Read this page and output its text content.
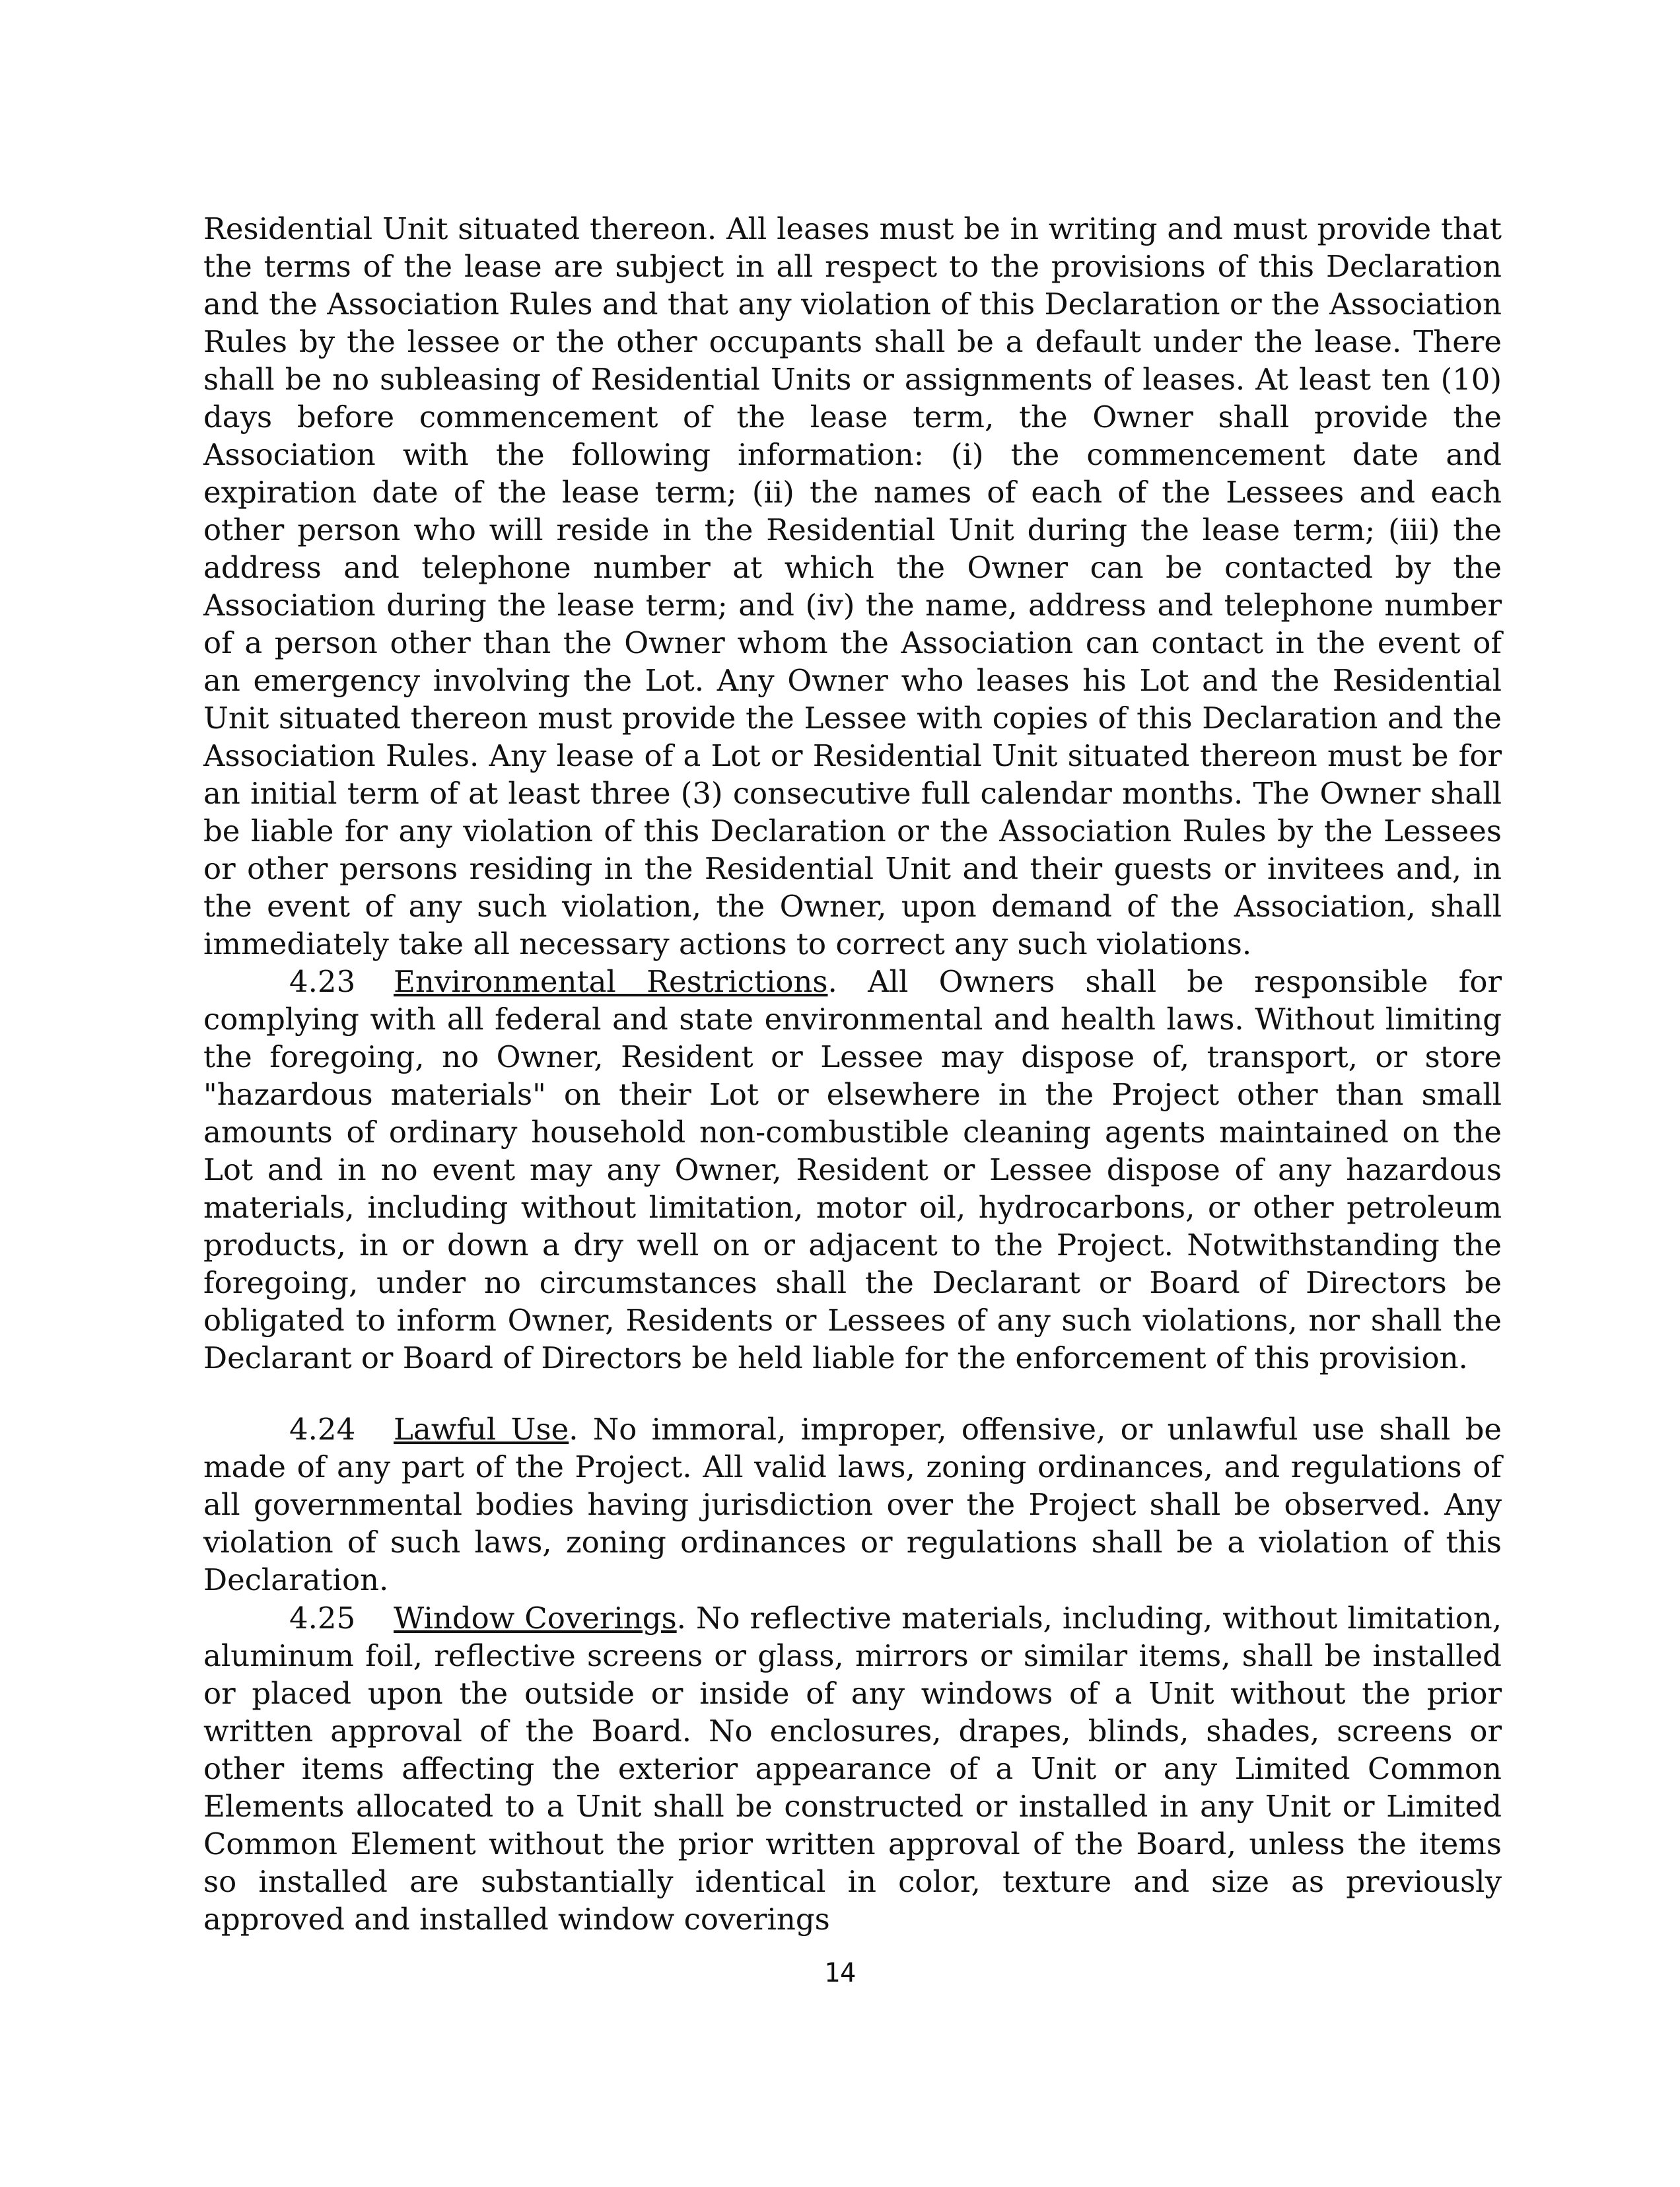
Residential Unit situated thereon. All leases must be in writing and must provide that the terms of the lease are subject in all respect to the provisions of this Declaration and the Association Rules and that any violation of this Declaration or the Association Rules by the lessee or the other occupants shall be a default under the lease. There shall be no subleasing of Residential Units or assignments of leases. At least ten (10) days before commencement of the lease term, the Owner shall provide the Association with the following information: (i) the commencement date and expiration date of the lease term; (ii) the names of each of the Lessees and each other person who will reside in the Residential Unit during the lease term; (iii) the address and telephone number at which the Owner can be contacted by the Association during the lease term; and (iv) the name, address and telephone number of a person other than the Owner whom the Association can contact in the event of an emergency involving the Lot. Any Owner who leases his Lot and the Residential Unit situated thereon must provide the Lessee with copies of this Declaration and the Association Rules. Any lease of a Lot or Residential Unit situated thereon must be for an initial term of at least three (3) consecutive full calendar months. The Owner shall be liable for any violation of this Declaration or the Association Rules by the Lessees or other persons residing in the Residential Unit and their guests or invitees and, in the event of any such violation, the Owner, upon demand of the Association, shall immediately take all necessary actions to correct any such violations.

4.23 Environmental Restrictions. All Owners shall be responsible for complying with all federal and state environmental and health laws. Without limiting the foregoing, no Owner, Resident or Lessee may dispose of, transport, or store "hazardous materials" on their Lot or elsewhere in the Project other than small amounts of ordinary household non-combustible cleaning agents maintained on the Lot and in no event may any Owner, Resident or Lessee dispose of any hazardous materials, including without limitation, motor oil, hydrocarbons, or other petroleum products, in or down a dry well on or adjacent to the Project. Notwithstanding the foregoing, under no circumstances shall the Declarant or Board of Directors be obligated to inform Owner, Residents or Lessees of any such violations, nor shall the Declarant or Board of Directors be held liable for the enforcement of this provision.

4.24 Lawful Use. No immoral, improper, offensive, or unlawful use shall be made of any part of the Project. All valid laws, zoning ordinances, and regulations of all governmental bodies having jurisdiction over the Project shall be observed. Any violation of such laws, zoning ordinances or regulations shall be a violation of this Declaration.

4.25 Window Coverings. No reflective materials, including, without limitation, aluminum foil, reflective screens or glass, mirrors or similar items, shall be installed or placed upon the outside or inside of any windows of a Unit without the prior written approval of the Board. No enclosures, drapes, blinds, shades, screens or other items affecting the exterior appearance of a Unit or any Limited Common Elements allocated to a Unit shall be constructed or installed in any Unit or Limited Common Element without the prior written approval of the Board, unless the items so installed are substantially identical in color, texture and size as previously approved and installed window coverings

14
